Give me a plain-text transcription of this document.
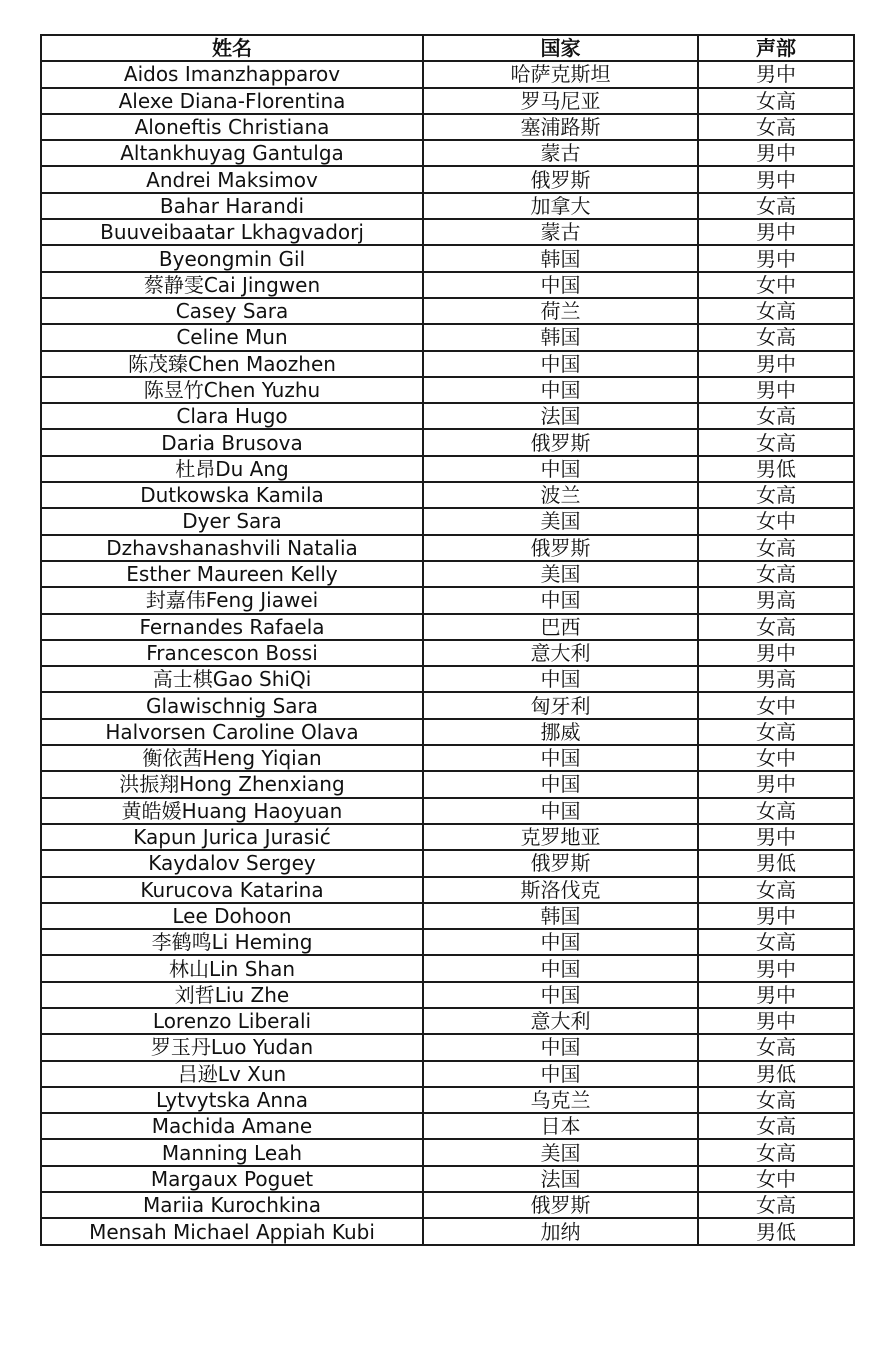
姓名	国家	声部
Aidos Imanzhapparov	哈萨克斯坦	男中
Alexe Diana-Florentina	罗马尼亚	女高
Aloneftis Christiana	塞浦路斯	女高
Altankhuyag Gantulga	蒙古	男中
Andrei Maksimov	俄罗斯	男中
Bahar Harandi	加拿大	女高
Buuveibaatar Lkhagvadorj	蒙古	男中
Byeongmin Gil	韩国	男中
蔡静雯Cai Jingwen	中国	女中
Casey Sara	荷兰	女高
Celine Mun	韩国	女高
陈茂臻Chen Maozhen	中国	男中
陈昱竹Chen Yuzhu	中国	男中
Clara Hugo	法国	女高
Daria Brusova	俄罗斯	女高
杜昂Du Ang	中国	男低
Dutkowska Kamila	波兰	女高
Dyer Sara	美国	女中
Dzhavshanashvili Natalia	俄罗斯	女高
Esther Maureen Kelly	美国	女高
封嘉伟Feng Jiawei	中国	男高
Fernandes Rafaela	巴西	女高
Francescon Bossi	意大利	男中
高士棋Gao ShiQi	中国	男高
Glawischnig Sara	匈牙利	女中
Halvorsen Caroline Olava	挪威	女高
衡依茜Heng Yiqian	中国	女中
洪振翔Hong Zhenxiang	中国	男中
黄皓媛Huang Haoyuan	中国	女高
Kapun Jurica Jurasić	克罗地亚	男中
Kaydalov Sergey	俄罗斯	男低
Kurucova Katarina	斯洛伐克	女高
Lee Dohoon	韩国	男中
李鹤鸣Li Heming	中国	女高
林山Lin Shan	中国	男中
刘哲Liu Zhe	中国	男中
Lorenzo Liberali	意大利	男中
罗玉丹Luo Yudan	中国	女高
吕逊Lv Xun	中国	男低
Lytvytska Anna	乌克兰	女高
Machida Amane	日本	女高
Manning Leah	美国	女高
Margaux Poguet	法国	女中
Mariia Kurochkina	俄罗斯	女高
Mensah Michael Appiah Kubi	加纳	男低
